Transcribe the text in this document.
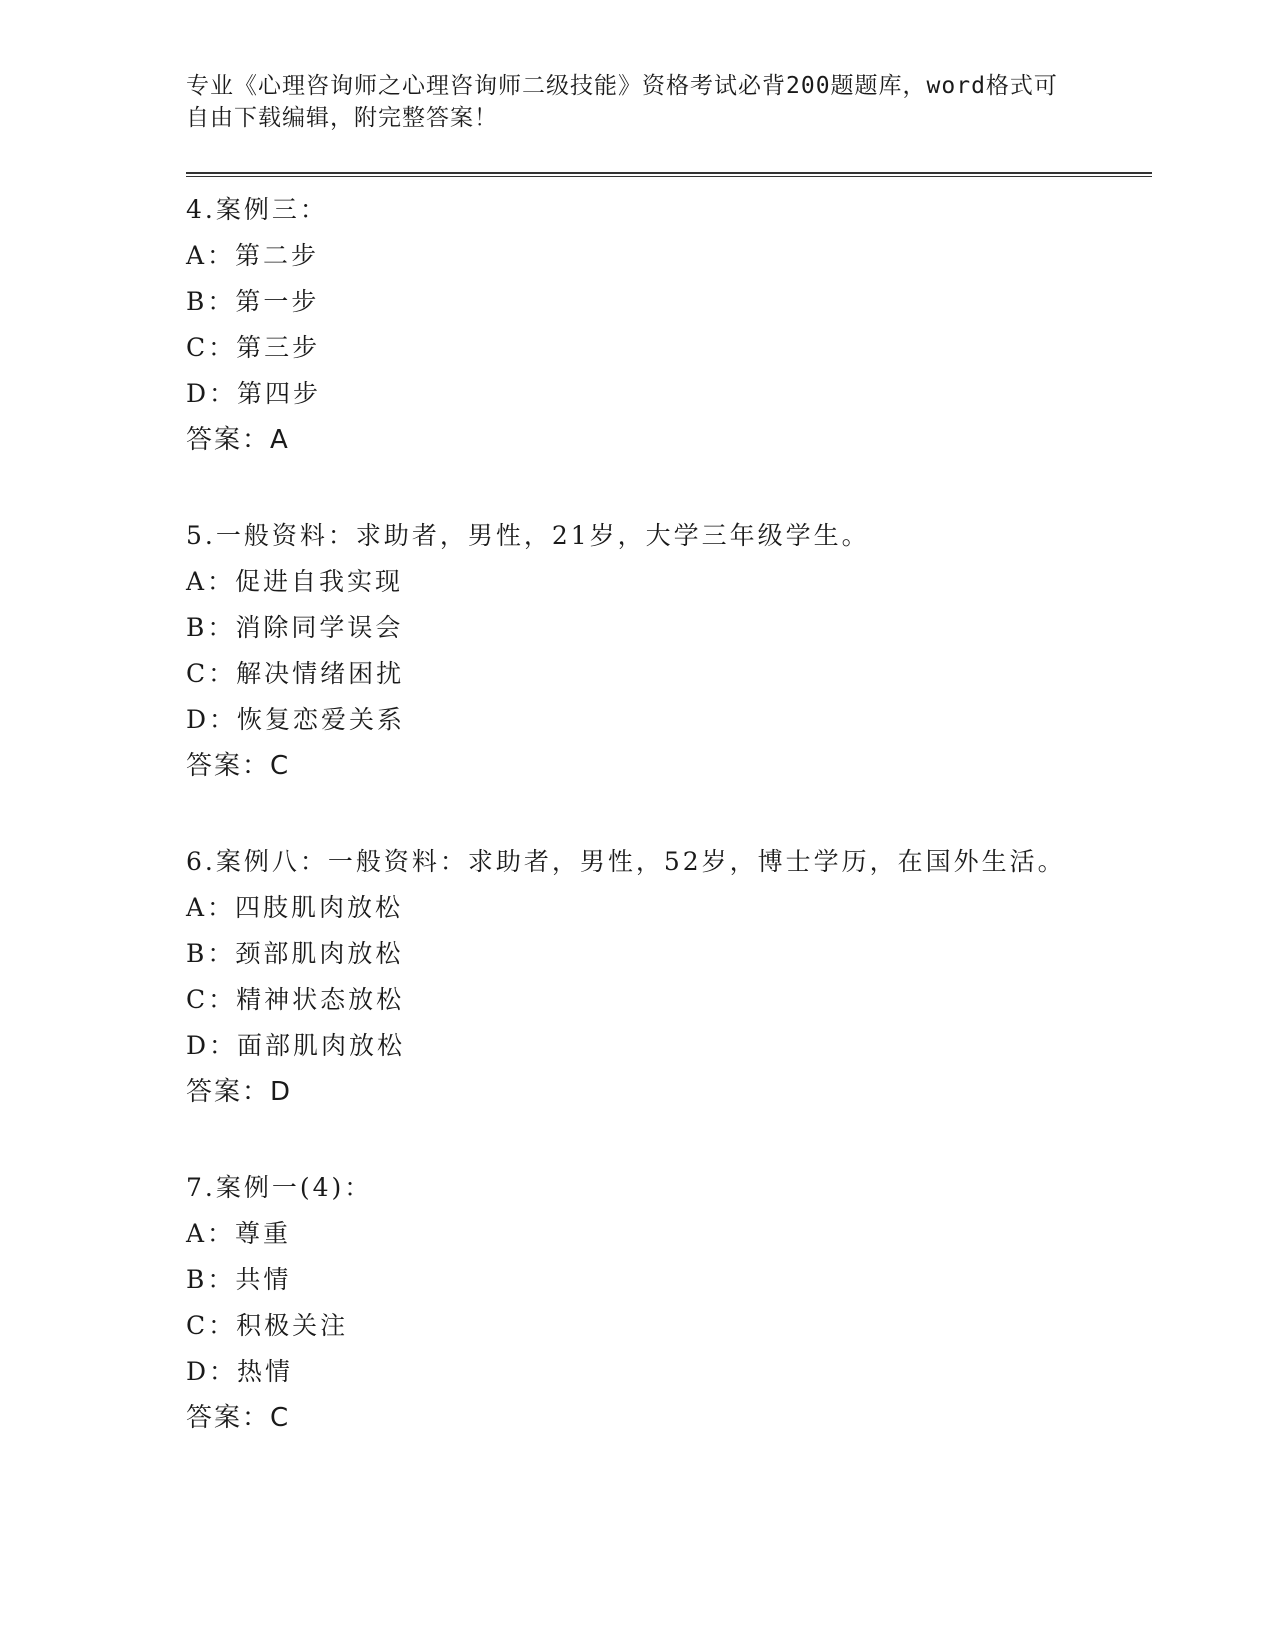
专业《心理咨询师之心理咨询师二级技能》资格考试必背200题题库，word格式可自由下载编辑，附完整答案！

4.案例三：

A：第二步

B：第一步

C：第三步

D：第四步

答案：A

5.一般资料：求助者，男性，21岁，大学三年级学生。

A：促进自我实现

B：消除同学误会

C：解决情绪困扰

D：恢复恋爱关系

答案：C

6.案例八：一般资料：求助者，男性，52岁，博士学历，在国外生活。

A：四肢肌肉放松

B：颈部肌肉放松

C：精神状态放松

D：面部肌肉放松

答案：D

7.案例一(4)：

A：尊重

B：共情

C：积极关注

D：热情

答案：C
